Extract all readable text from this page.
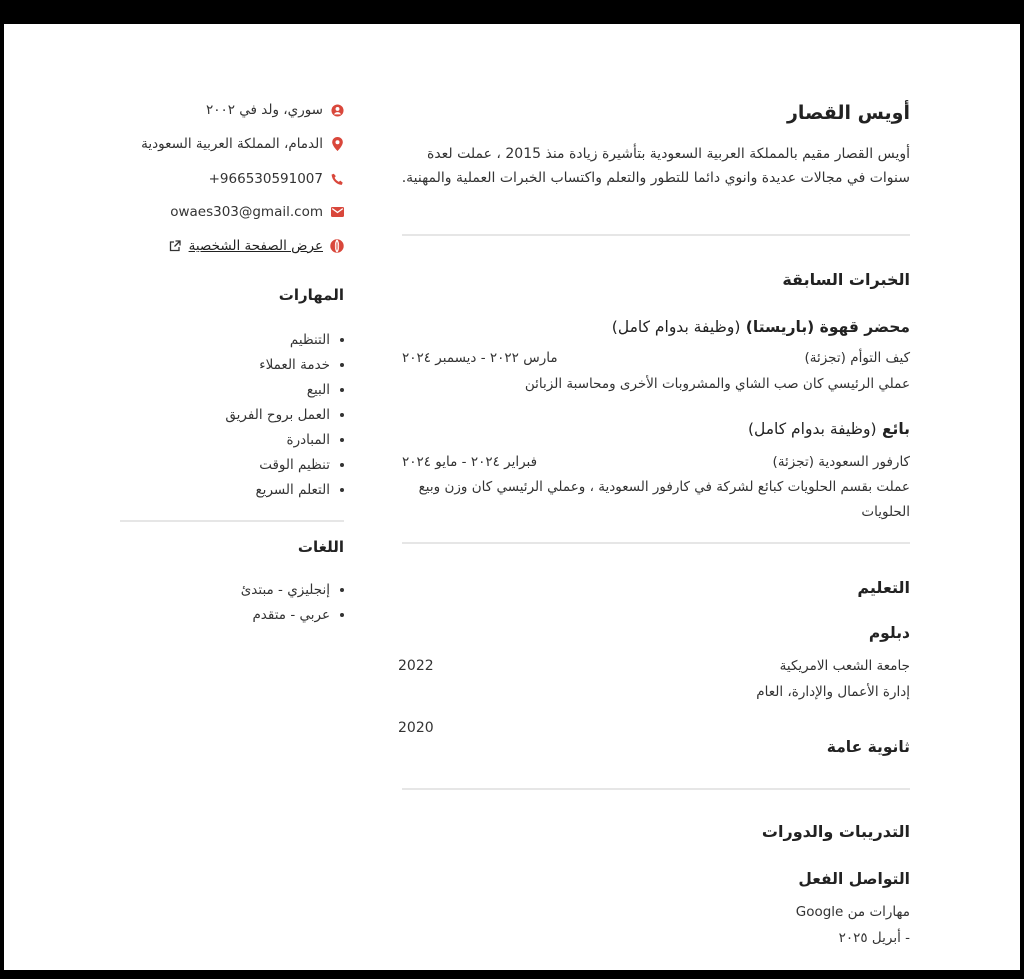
أويس القصار
أويس القصار مقيم بالمملكة العربية السعودية بتأشيرة زيادة منذ 2015 ، عملت لعدة سنوات في مجالات عديدة وانوي دائما للتطور والتعلم واكتساب الخبرات العملية والمهنية.
الخبرات السابقة
محضر قهوة (باريستا) (وظيفة بدوام كامل)
كيف التوأم (تجزئة)
مارس ٢٠٢٢ - ديسمبر ٢٠٢٤
عملي الرئيسي كان صب الشاي والمشروبات الأخرى ومحاسبة الزبائن
بائع (وظيفة بدوام كامل)
كارفور السعودية (تجزئة)
فبراير ٢٠٢٤ - مايو ٢٠٢٤
عملت بقسم الحلويات كبائع لشركة في كارفور السعودية ، وعملي الرئيسي كان وزن وبيع الحلويات
التعليم
دبلوم
جامعة الشعب الامريكية
2022
إدارة الأعمال والإدارة، العام
2020
ثانوية عامة
التدريبات والدورات
التواصل الفعل
مهارات من Google
- أبريل ٢٠٢٥
سوري، ولد في ٢٠٠٢
الدمام، المملكة العربية السعودية
+966530591007
owaes303@gmail.com
عرض الصفحة الشخصية
المهارات
التنظيم
خدمة العملاء
البيع
العمل بروح الفريق
المبادرة
تنظيم الوقت
التعلم السريع
اللغات
إنجليزي - مبتدئ
عربي - متقدم
